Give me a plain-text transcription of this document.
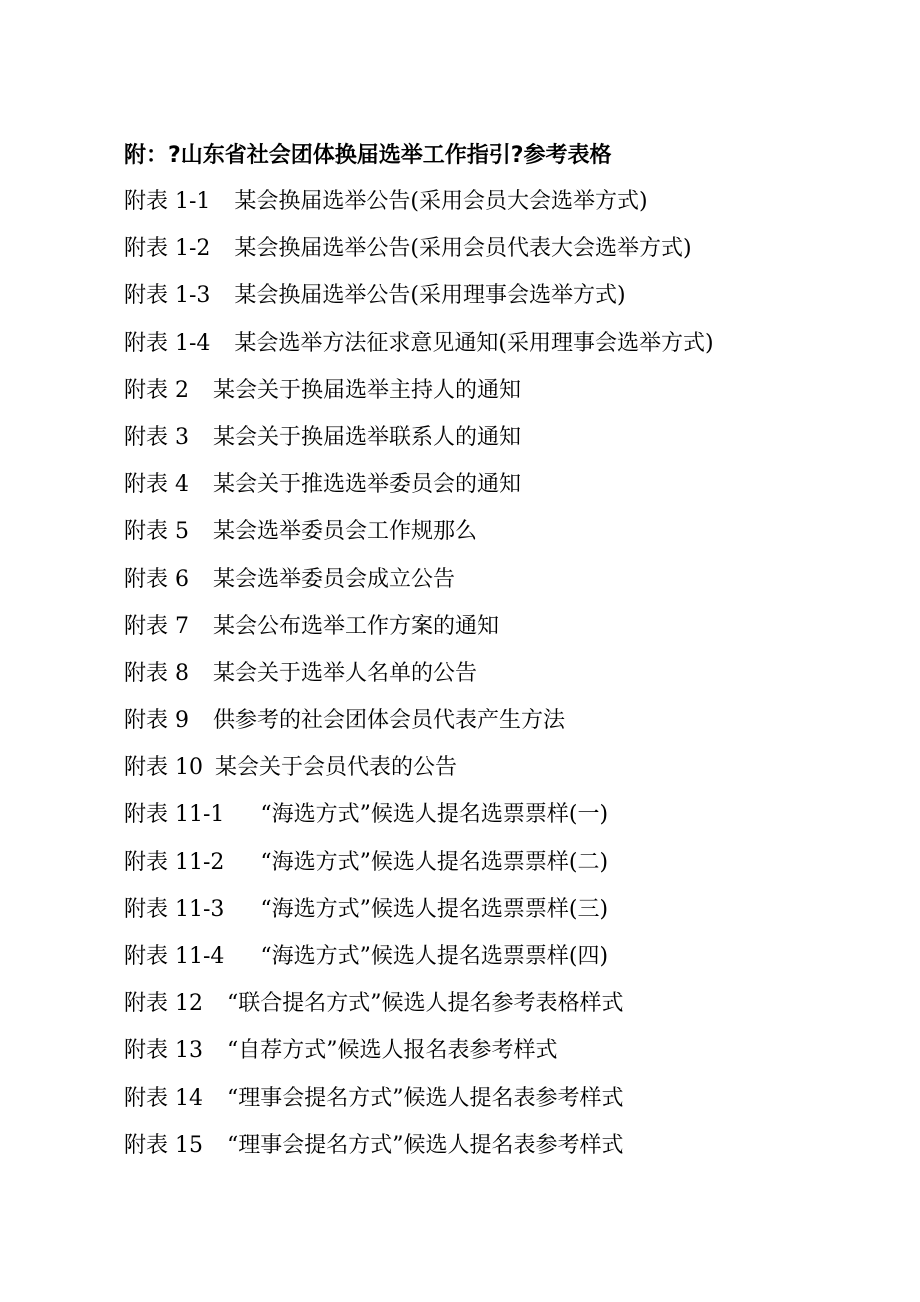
附：?山东省社会团体换届选举工作指引?参考表格
附表 1-1 某会换届选举公告(采用会员大会选举方式)
附表 1-2 某会换届选举公告(采用会员代表大会选举方式)
附表 1-3 某会换届选举公告(采用理事会选举方式)
附表 1-4 某会选举方法征求意见通知(采用理事会选举方式)
附表 2 某会关于换届选举主持人的通知
附表 3 某会关于换届选举联系人的通知
附表 4 某会关于推选选举委员会的通知
附表 5 某会选举委员会工作规那么
附表 6 某会选举委员会成立公告
附表 7 某会公布选举工作方案的通知
附表 8 某会关于选举人名单的公告
附表 9 供参考的社会团体会员代表产生方法
附表 10 某会关于会员代表的公告
附表 11-1 “海选方式”候选人提名选票票样(一)
附表 11-2 “海选方式”候选人提名选票票样(二)
附表 11-3 “海选方式”候选人提名选票票样(三)
附表 11-4 “海选方式”候选人提名选票票样(四)
附表 12 “联合提名方式”候选人提名参考表格样式
附表 13 “自荐方式”候选人报名表参考样式
附表 14 “理事会提名方式”候选人提名表参考样式
附表 15 “理事会提名方式”候选人提名表参考样式
